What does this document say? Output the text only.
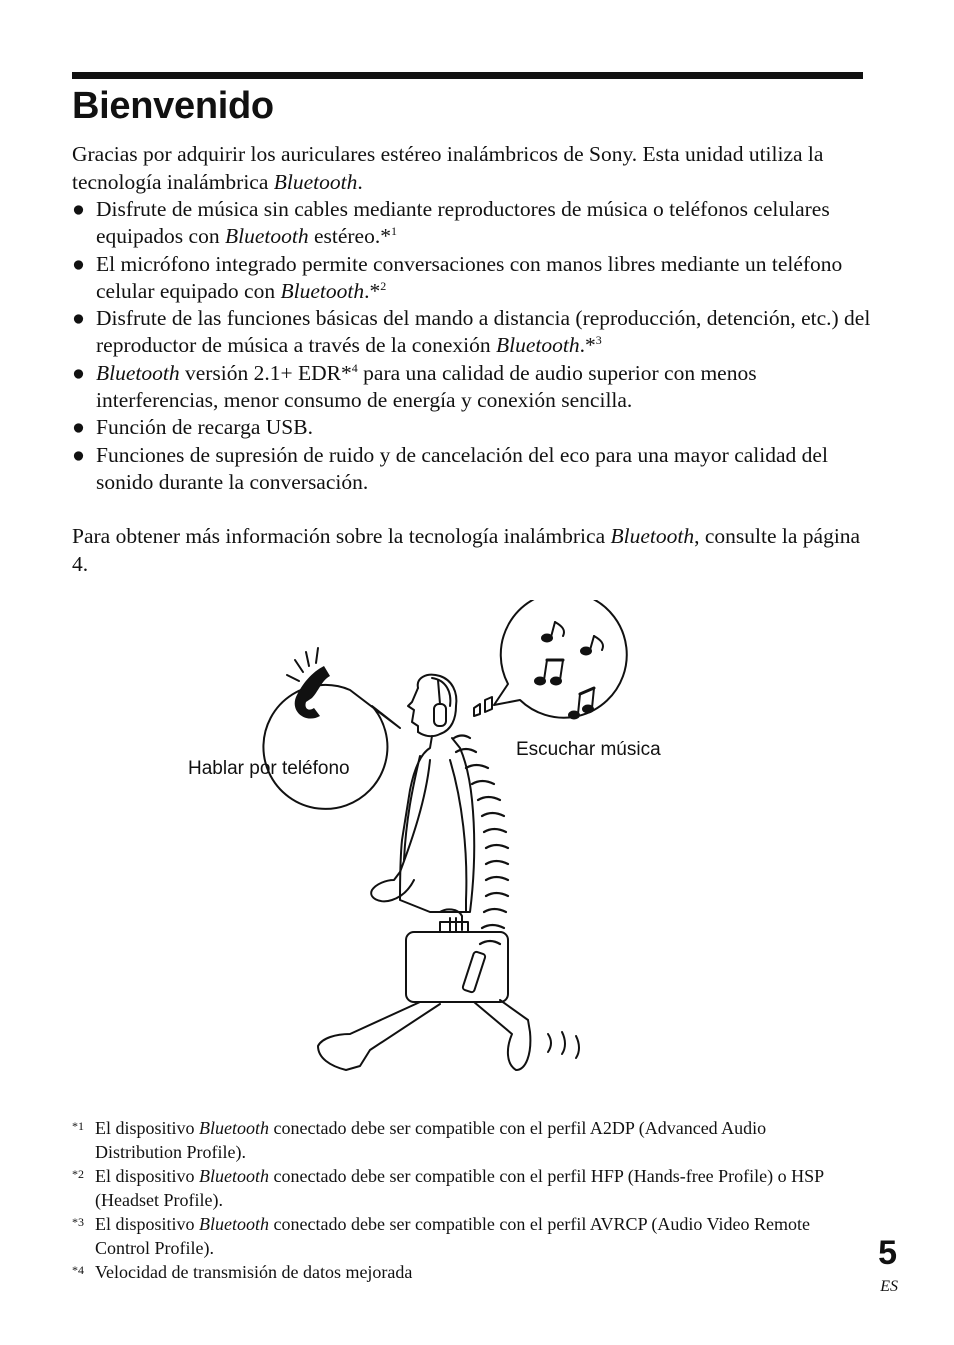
Bienvenido

Gracias por adquirir los auriculares estéreo inalámbricos de Sony. Esta unidad utiliza la tecnología inalámbrica Bluetooth.

● Disfrute de música sin cables mediante reproductores de música o teléfonos celulares equipados con Bluetooth estéreo.*$^1$
● El micrófono integrado permite conversaciones con manos libres mediante un teléfono celular equipado con Bluetooth.*$^2$
● Disfrute de las funciones básicas del mando a distancia (reproducción, detención, etc.) del reproductor de música a través de la conexión Bluetooth.*$^3$
● Bluetooth versión 2.1+ EDR*$^4$ para una calidad de audio superior con menos interferencias, menor consumo de energía y conexión sencilla.
● Función de recarga USB.
● Funciones de supresión de ruido y de cancelación del eco para una mayor calidad del sonido durante la conversación.

Para obtener más información sobre la tecnología inalámbrica Bluetooth, consulte la página 4.

Hablar por teléfono
Escuchar música
*1 El dispositivo Bluetooth conectado debe ser compatible con el perfil A2DP (Advanced Audio Distribution Profile).
*2 El dispositivo Bluetooth conectado debe ser compatible con el perfil HFP (Hands-free Profile) o HSP (Headset Profile).
*3 El dispositivo Bluetooth conectado debe ser compatible con el perfil AVRCP (Audio Video Remote Control Profile).
*4 Velocidad de transmisión de datos mejorada	5
ES
